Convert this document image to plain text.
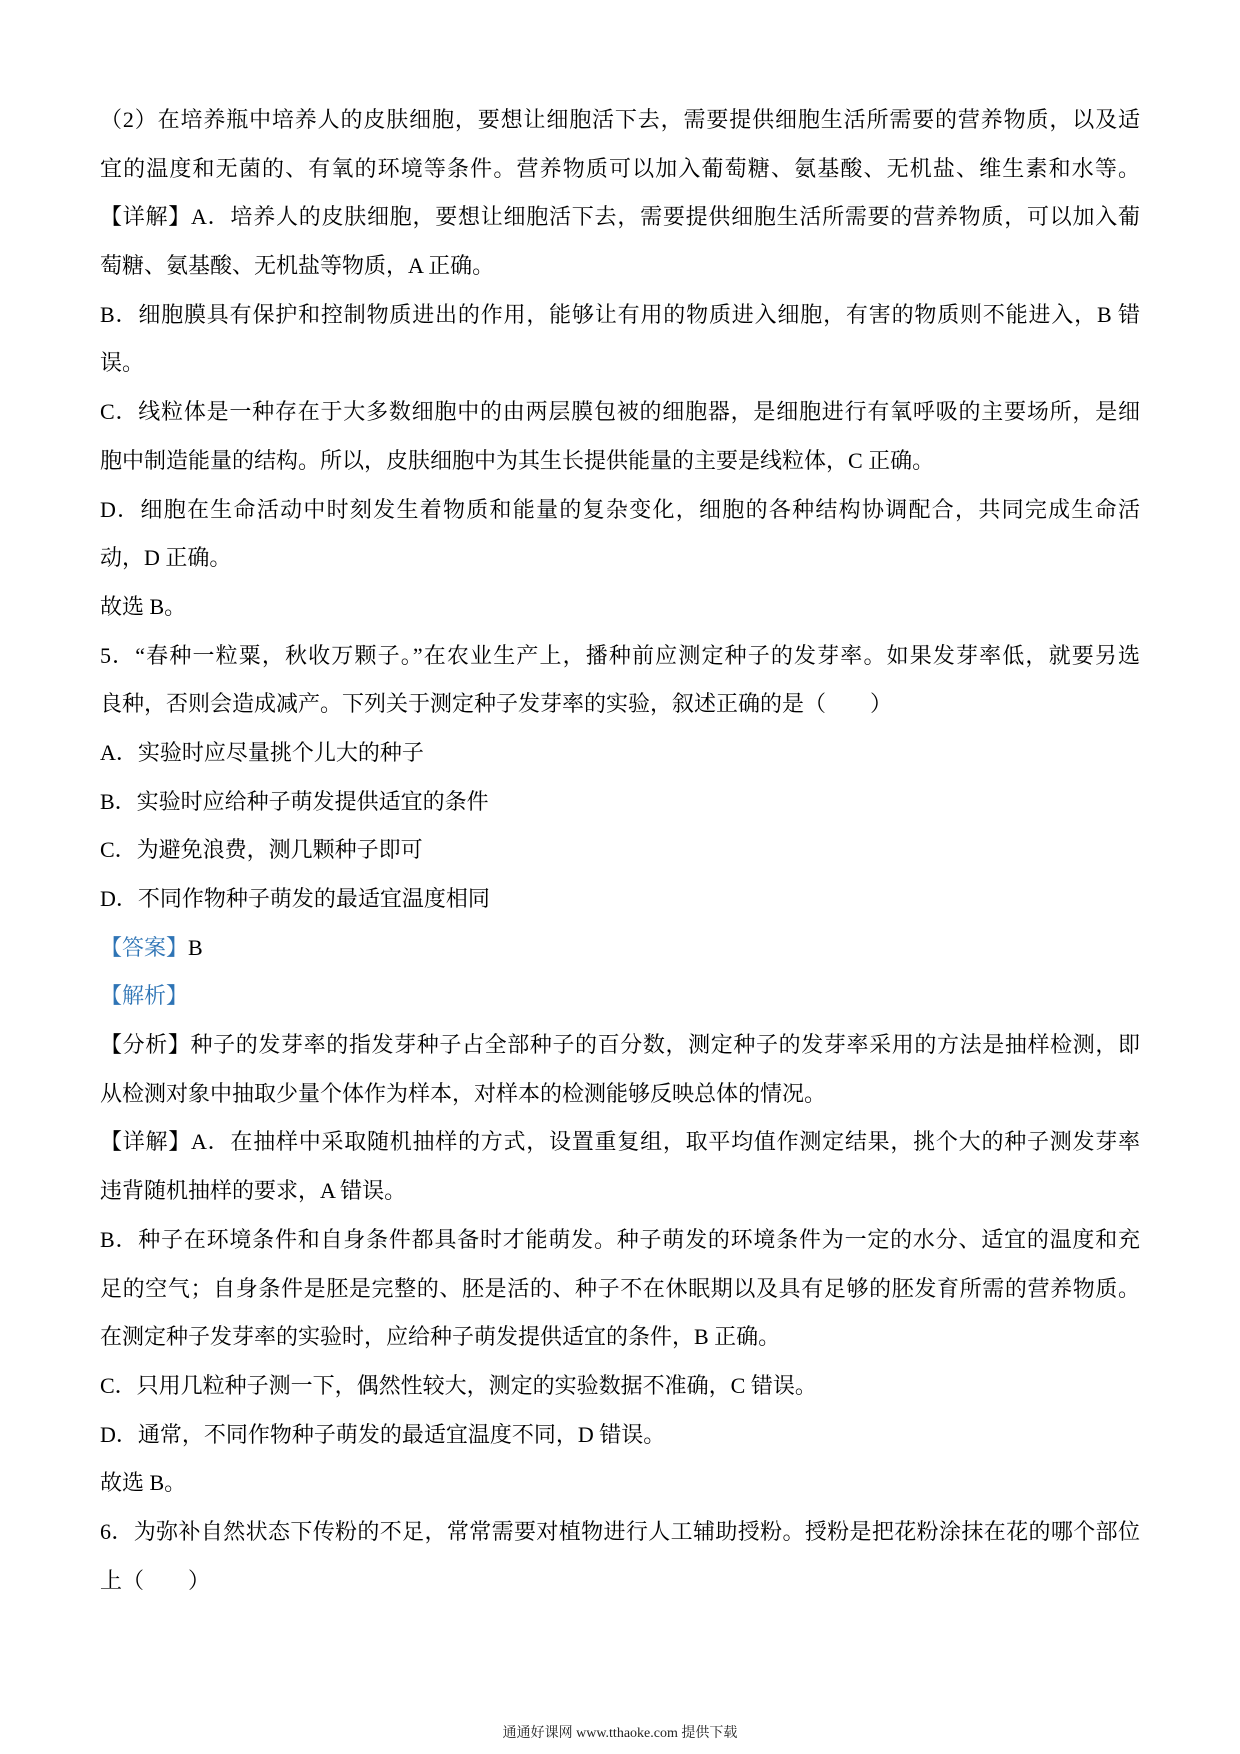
（2）在培养瓶中培养人的皮肤细胞，要想让细胞活下去，需要提供细胞生活所需要的营养物质，以及适
宜的温度和无菌的、有氧的环境等条件。营养物质可以加入葡萄糖、氨基酸、无机盐、维生素和水等。
【详解】A．培养人的皮肤细胞，要想让细胞活下去，需要提供细胞生活所需要的营养物质，可以加入葡
萄糖、氨基酸、无机盐等物质，A 正确。
B．细胞膜具有保护和控制物质进出的作用，能够让有用的物质进入细胞，有害的物质则不能进入，B 错
误。
C．线粒体是一种存在于大多数细胞中的由两层膜包被的细胞器，是细胞进行有氧呼吸的主要场所，是细
胞中制造能量的结构。所以，皮肤细胞中为其生长提供能量的主要是线粒体，C 正确。
D．细胞在生命活动中时刻发生着物质和能量的复杂变化，细胞的各种结构协调配合，共同完成生命活
动，D 正确。
故选 B。
5．“春种一粒粟，秋收万颗子。”在农业生产上，播种前应测定种子的发芽率。如果发芽率低，就要另选
良种，否则会造成减产。下列关于测定种子发芽率的实验，叙述正确的是（　　）
A．实验时应尽量挑个儿大的种子
B．实验时应给种子萌发提供适宜的条件
C．为避免浪费，测几颗种子即可
D．不同作物种子萌发的最适宜温度相同
【答案】B
【解析】
【分析】种子的发芽率的指发芽种子占全部种子的百分数，测定种子的发芽率采用的方法是抽样检测，即
从检测对象中抽取少量个体作为样本，对样本的检测能够反映总体的情况。
【详解】A．在抽样中采取随机抽样的方式，设置重复组，取平均值作测定结果，挑个大的种子测发芽率
违背随机抽样的要求，A 错误。
B．种子在环境条件和自身条件都具备时才能萌发。种子萌发的环境条件为一定的水分、适宜的温度和充
足的空气；自身条件是胚是完整的、胚是活的、种子不在休眠期以及具有足够的胚发育所需的营养物质。
在测定种子发芽率的实验时，应给种子萌发提供适宜的条件，B 正确。
C．只用几粒种子测一下，偶然性较大，测定的实验数据不准确，C 错误。
D．通常，不同作物种子萌发的最适宜温度不同，D 错误。
故选 B。
6．为弥补自然状态下传粉的不足，常常需要对植物进行人工辅助授粉。授粉是把花粉涂抹在花的哪个部位
上（　　）
通通好课网 www.tthaoke.com 提供下载
